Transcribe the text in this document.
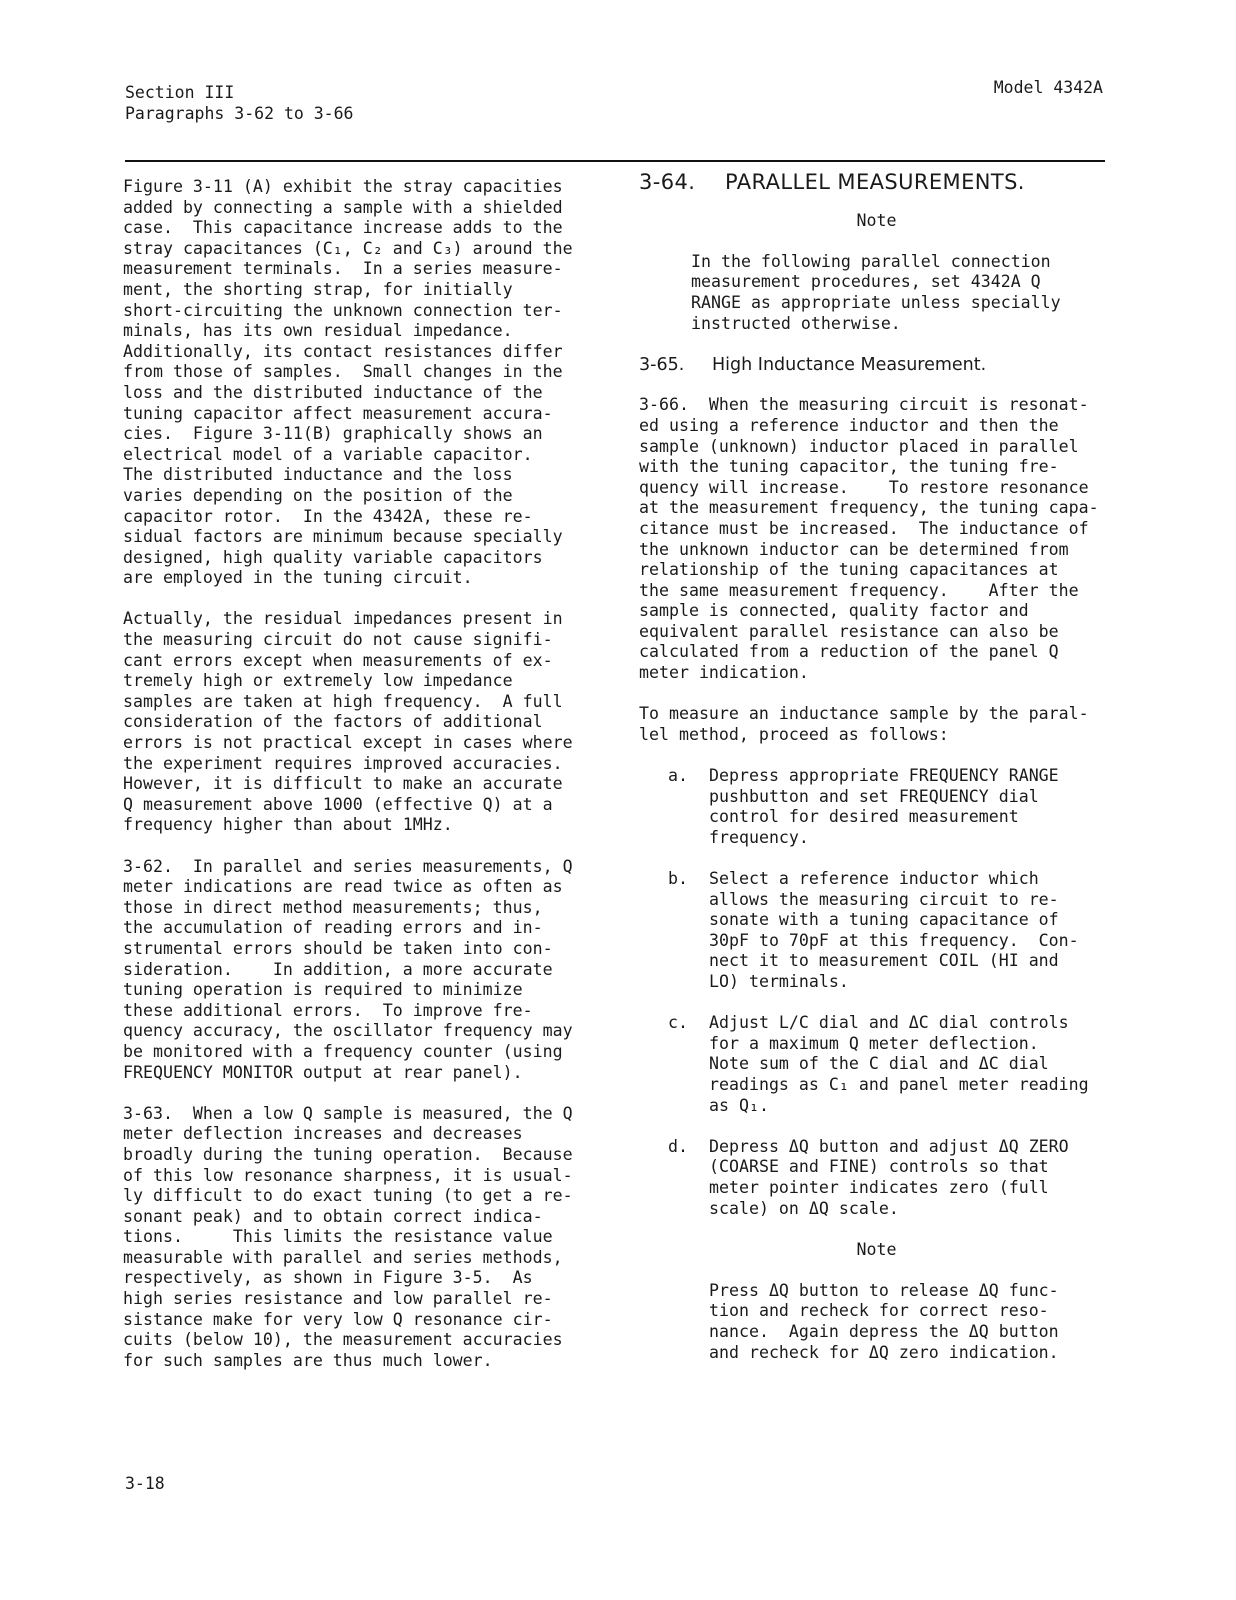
Section III
Paragraphs 3-62 to 3-66
Model 4342A

Figure 3-11 (A) exhibit the stray capacities
added by connecting a sample with a shielded
case.  This capacitance increase adds to the
stray capacitances (C₁, C₂ and C₃) around the
measurement terminals.  In a series measure-
ment, the shorting strap, for initially
short-circuiting the unknown connection ter-
minals, has its own residual impedance.
Additionally, its contact resistances differ
from those of samples.  Small changes in the
loss and the distributed inductance of the
tuning capacitor affect measurement accura-
cies.  Figure 3-11(B) graphically shows an
electrical model of a variable capacitor.
The distributed inductance and the loss
varies depending on the position of the
capacitor rotor.  In the 4342A, these re-
sidual factors are minimum because specially
designed, high quality variable capacitors
are employed in the tuning circuit.

Actually, the residual impedances present in
the measuring circuit do not cause signifi-
cant errors except when measurements of ex-
tremely high or extremely low impedance
samples are taken at high frequency.  A full
consideration of the factors of additional
errors is not practical except in cases where
the experiment requires improved accuracies.
However, it is difficult to make an accurate
Q measurement above 1000 (effective Q) at a
frequency higher than about 1MHz.

3-62.  In parallel and series measurements, Q
meter indications are read twice as often as
those in direct method measurements; thus,
the accumulation of reading errors and in-
strumental errors should be taken into con-
sideration.    In addition, a more accurate
tuning operation is required to minimize
these additional errors.  To improve fre-
quency accuracy, the oscillator frequency may
be monitored with a frequency counter (using
FREQUENCY MONITOR output at rear panel).

3-63.  When a low Q sample is measured, the Q
meter deflection increases and decreases
broadly during the tuning operation.  Because
of this low resonance sharpness, it is usual-
ly difficult to do exact tuning (to get a re-
sonant peak) and to obtain correct indica-
tions.     This limits the resistance value
measurable with parallel and series methods,
respectively, as shown in Figure 3-5.  As
high series resistance and low parallel re-
sistance make for very low Q resonance cir-
cuits (below 10), the measurement accuracies
for such samples are thus much lower.

3-64. PARALLEL MEASUREMENTS.
Note
In the following parallel connection
measurement procedures, set 4342A Q
RANGE as appropriate unless specially
instructed otherwise.
3-65. High Inductance Measurement.

3-66.  When the measuring circuit is resonat-
ed using a reference inductor and then the
sample (unknown) inductor placed in parallel
with the tuning capacitor, the tuning fre-
quency will increase.    To restore resonance
at the measurement frequency, the tuning capa-
citance must be increased.  The inductance of
the unknown inductor can be determined from
relationship of the tuning capacitances at
the same measurement frequency.    After the
sample is connected, quality factor and
equivalent parallel resistance can also be
calculated from a reduction of the panel Q
meter indication.

To measure an inductance sample by the paral-
lel method, proceed as follows:

a.	Depress appropriate FREQUENCY RANGE
pushbutton and set FREQUENCY dial
control for desired measurement
frequency.
b.	Select a reference inductor which
allows the measuring circuit to re-
sonate with a tuning capacitance of
30pF to 70pF at this frequency.  Con-
nect it to measurement COIL (HI and
LO) terminals.
c.	Adjust L/C dial and ΔC dial controls
for a maximum Q meter deflection.
Note sum of the C dial and ΔC dial
readings as C₁ and panel meter reading
as Q₁.
d.	Depress ΔQ button and adjust ΔQ ZERO
(COARSE and FINE) controls so that
meter pointer indicates zero (full
scale) on ΔQ scale.
Note
Press ΔQ button to release ΔQ func-
tion and recheck for correct reso-
nance.  Again depress the ΔQ button
and recheck for ΔQ zero indication.
3-18
